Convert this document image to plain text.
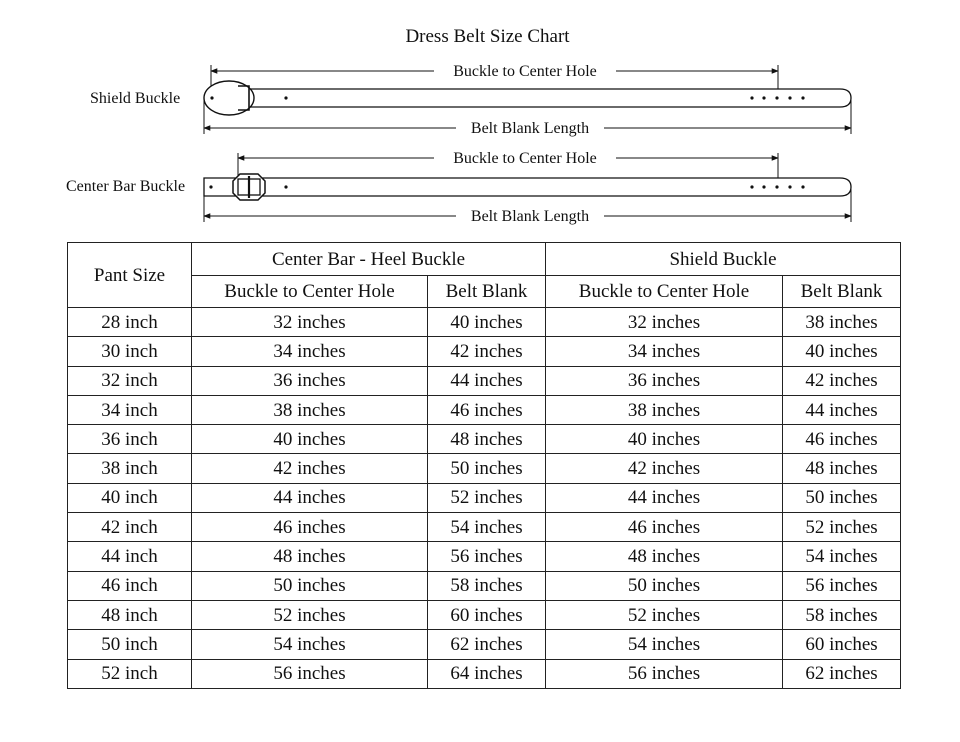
Dress Belt Size Chart
Shield Buckle
Center Bar Buckle
Buckle to Center Hole
Belt Blank Length
Buckle to Center Hole
Belt Blank Length
Pant Size	Center Bar - Heel Buckle		Shield Buckle	
	Buckle to Center Hole	Belt Blank	Buckle to Center Hole	Belt Blank
28 inch	32 inches	40 inches	32 inches	38 inches
30 inch	34 inches	42 inches	34 inches	40 inches
32 inch	36 inches	44 inches	36 inches	42 inches
34 inch	38 inches	46 inches	38 inches	44 inches
36 inch	40 inches	48 inches	40 inches	46 inches
38 inch	42 inches	50 inches	42 inches	48 inches
40 inch	44 inches	52 inches	44 inches	50 inches
42 inch	46 inches	54 inches	46 inches	52 inches
44 inch	48 inches	56 inches	48 inches	54 inches
46 inch	50 inches	58 inches	50 inches	56 inches
48 inch	52 inches	60 inches	52 inches	58 inches
50 inch	54 inches	62 inches	54 inches	60 inches
52 inch	56 inches	64 inches	56 inches	62 inches
